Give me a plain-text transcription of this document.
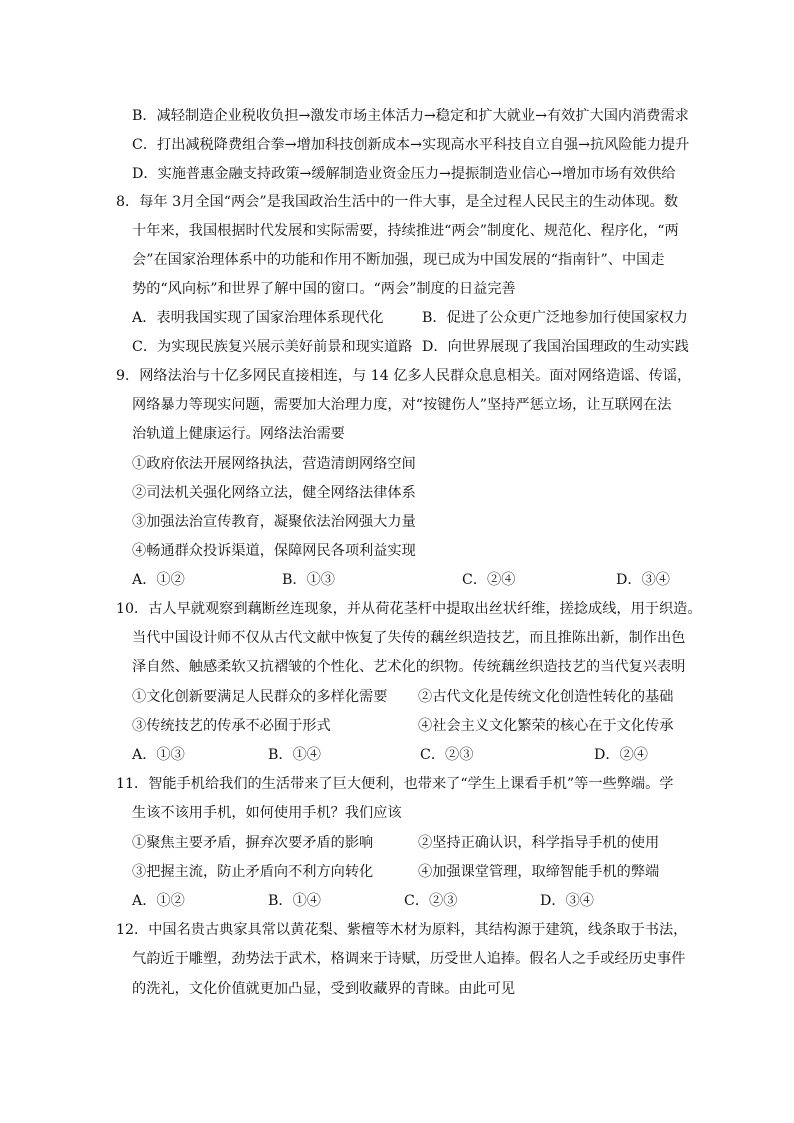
B．减轻制造企业税收负担→激发市场主体活力→稳定和扩大就业→有效扩大国内消费需求
C．打出减税降费组合拳→增加科技创新成本→实现高水平科技自立自强→抗风险能力提升
D．实施普惠金融支持政策→缓解制造业资金压力→提振制造业信心→增加市场有效供给
8．每年 3月全国“两会”是我国政治生活中的一件大事，是全过程人民民主的生动体现。数
十年来，我国根据时代发展和实际需要，持续推进“两会”制度化、规范化、程序化，“两
会”在国家治理体系中的功能和作用不断加强，现已成为中国发展的“指南针”、中国走
势的“风向标”和世界了解中国的窗口。“两会”制度的日益完善
A．表明我国实现了国家治理体系现代化	B．促进了公众更广泛地参加行使国家权力
C．为实现民族复兴展示美好前景和现实道路 D．向世界展现了我国治国理政的生动实践
9．网络法治与十亿多网民直接相连，与 14 亿多人民群众息息相关。面对网络造谣、传谣，
网络暴力等现实问题，需要加大治理力度，对“按键伤人”坚持严惩立场，让互联网在法
治轨道上健康运行。网络法治需要
①政府依法开展网络执法，营造清朗网络空间
②司法机关强化网络立法，健全网络法律体系
③加强法治宣传教育，凝聚依法治网强大力量
④畅通群众投诉渠道，保障网民各项利益实现
A．①②	B．①③	C．②④	D．③④
10．古人早就观察到藕断丝连现象，并从荷花茎杆中提取出丝状纤维，搓捻成线，用于织造。
当代中国设计师不仅从古代文献中恢复了失传的藕丝织造技艺，而且推陈出新，制作出色
泽自然、触感柔软又抗褶皱的个性化、艺术化的织物。传统藕丝织造技艺的当代复兴表明
①文化创新要满足人民群众的多样化需要 ②古代文化是传统文化创造性转化的基础
③传统技艺的传承不必囿于形式	④社会主义文化繁荣的核心在于文化传承
A．①③	B．①④	C．②③	D．②④
11．智能手机给我们的生活带来了巨大便利，也带来了“学生上课看手机”等一些弊端。学
生该不该用手机，如何使用手机？我们应该
①聚焦主要矛盾，摒弃次要矛盾的影响	②坚持正确认识，科学指导手机的使用
③把握主流，防止矛盾向不利方向转化	④加强课堂管理，取缔智能手机的弊端
A．①②	B．①④	C．②③	D．③④
12．中国名贵古典家具常以黄花梨、紫檀等木材为原料，其结构源于建筑，线条取于书法，
气韵近于雕塑，劲势法于武术，格调来于诗赋，历受世人追捧。假名人之手或经历史事件
的洗礼，文化价值就更加凸显，受到收藏界的青睐。由此可见
